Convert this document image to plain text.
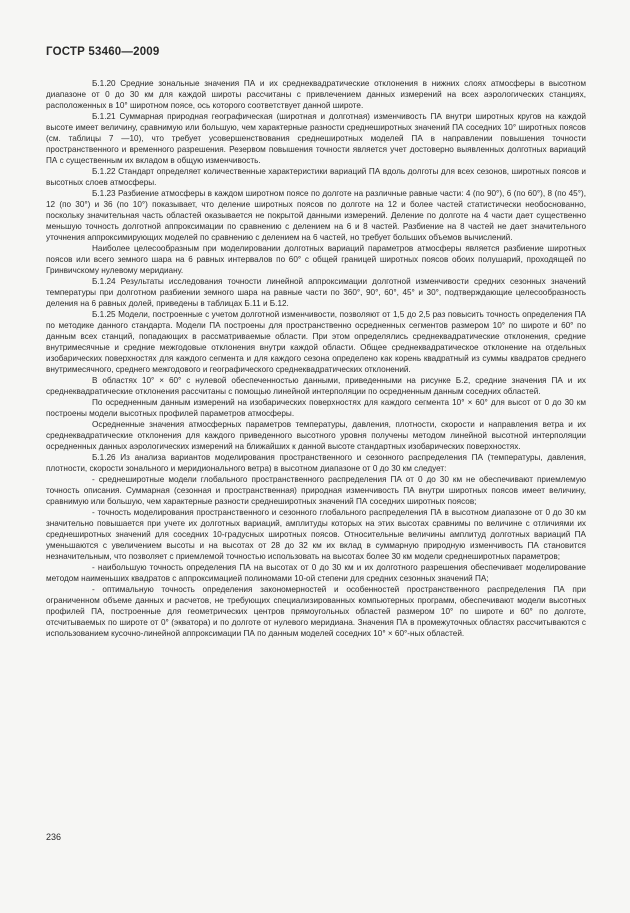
ГОСТР 53460—2009

Б.1.20 Средние зональные значения ПА и их среднеквадратические отклонения в нижних слоях атмосферы в высотном диапазоне от 0 до 30 км для каждой широты рассчитаны с привлечением данных измерений на всех аэрологических станциях, расположенных в 10° широтном поясе, ось которого соответствует данной широте.

Б.1.21 Суммарная природная географическая (широтная и долготная) изменчивость ПА внутри широтных кругов на каждой высоте имеет величину, сравнимую или большую, чем характерные разности среднеширотных значений ПА соседних 10° широтных поясов (см. таблицы 7 —10), что требует усовершенствования среднеширотных моделей ПА в направлении повышения точности пространственного и временного разрешения. Резервом повышения точности является учет достоверно выявленных долготных вариаций ПА с существенным их вкладом в общую изменчивость.

Б.1.22 Стандарт определяет количественные характеристики вариаций ПА вдоль долготы для всех сезонов, широтных поясов и высотных слоев атмосферы.

Б.1.23 Разбиение атмосферы в каждом широтном поясе по долготе на различные равные части: 4 (по 90°), 6 (по 60°), 8 (по 45°), 12 (по 30°) и 36 (по 10°) показывает, что деление широтных поясов по долготе на 12 и более частей статистически необоснованно, поскольку значительная часть областей оказывается не покрытой данными измерений. Деление по долготе на 4 части дает существенно меньшую точность долготной аппроксимации по сравнению с делением на 6 и 8 частей. Разбиение на 8 частей не дает значительного уточнения аппроксимирующих моделей по сравнению с делением на 6 частей, но требует больших объемов вычислений.

Наиболее целесообразным при моделировании долготных вариаций параметров атмосферы является разбиение широтных поясов или всего земного шара на 6 равных интервалов по 60° с общей границей широтных поясов обоих полушарий, проходящей по Гринвичскому нулевому меридиану.

Б.1.24 Результаты исследования точности линейной аппроксимации долготной изменчивости средних сезонных значений температуры при долготном разбиении земного шара на равные части по 360°, 90°, 60°, 45° и 30°, подтверждающие целесообразность деления на 6 равных долей, приведены в таблицах Б.11 и Б.12.

Б.1.25 Модели, построенные с учетом долготной изменчивости, позволяют от 1,5 до 2,5 раз повысить точность определения ПА по методике данного стандарта. Модели ПА построены для пространственно осредненных сегментов размером 10° по широте и 60° по данным всех станций, попадающих в рассматриваемые области. При этом определялись среднеквадратические отклонения, средние внутримесячные и средние межгодовые отклонения внутри каждой области. Общее среднеквадратическое отклонение на отдельных изобарических поверхностях для каждого сегмента и для каждого сезона определено как корень квадратный из суммы квадратов среднего внутримесячного, среднего межгодового и географического среднеквадратических отклонений.

В областях 10° × 60° с нулевой обеспеченностью данными, приведенными на рисунке Б.2, средние значения ПА и их среднеквадратические отклонения рассчитаны с помощью линейной интерполяции по осредненным данным соседних областей.

По осредненным данным измерений на изобарических поверхностях для каждого сегмента 10° × 60° для высот от 0 до 30 км построены модели высотных профилей параметров атмосферы.

Осредненные значения атмосферных параметров температуры, давления, плотности, скорости и направления ветра и их среднеквадратические отклонения для каждого приведенного высотного уровня получены методом линейной высотной интерполяции осредненных данных аэрологических измерений на ближайших к данной высоте стандартных изобарических поверхностях.

Б.1.26 Из анализа вариантов моделирования пространственного и сезонного распределения ПА (температуры, давления, плотности, скорости зонального и меридионального ветра) в высотном диапазоне от 0 до 30 км следует:

- среднеширотные модели глобального пространственного распределения ПА от 0 до 30 км не обеспечивают приемлемую точность описания. Суммарная (сезонная и пространственная) природная изменчивость ПА внутри широтных поясов имеет величину, сравнимую или большую, чем характерные разности среднеширотных значений ПА соседних широтных поясов;

- точность моделирования пространственного и сезонного глобального распределения ПА в высотном диапазоне от 0 до 30 км значительно повышается при учете их долготных вариаций, амплитуды которых на этих высотах сравнимы по величине с отличиями их среднеширотных значений для соседних 10-градусных широтных поясов. Относительные величины амплитуд долготных вариаций ПА уменьшаются с увеличением высоты и на высотах от 28 до 32 км их вклад в суммарную природную изменчивость ПА становится незначительным, что позволяет с приемлемой точностью использовать на высотах более 30 км модели среднеширотных параметров;

- наибольшую точность определения ПА на высотах от 0 до 30 км и их долготного разрешения обеспечивает моделирование методом наименьших квадратов с аппроксимацией полиномами 10-ой степени для средних сезонных значений ПА;

- оптимальную точность определения закономерностей и особенностей пространственного распределения ПА при ограниченном объеме данных и расчетов, не требующих специализированных компьютерных программ, обеспечивают модели высотных профилей ПА, построенные для геометрических центров прямоугольных областей размером 10° по широте и 60° по долготе, отсчитываемых по широте от 0° (экватора) и по долготе от нулевого меридиана. Значения ПА в промежуточных областях рассчитываются с использованием кусочно-линейной аппроксимации ПА по данным моделей соседних 10° × 60°-ных областей.

236
